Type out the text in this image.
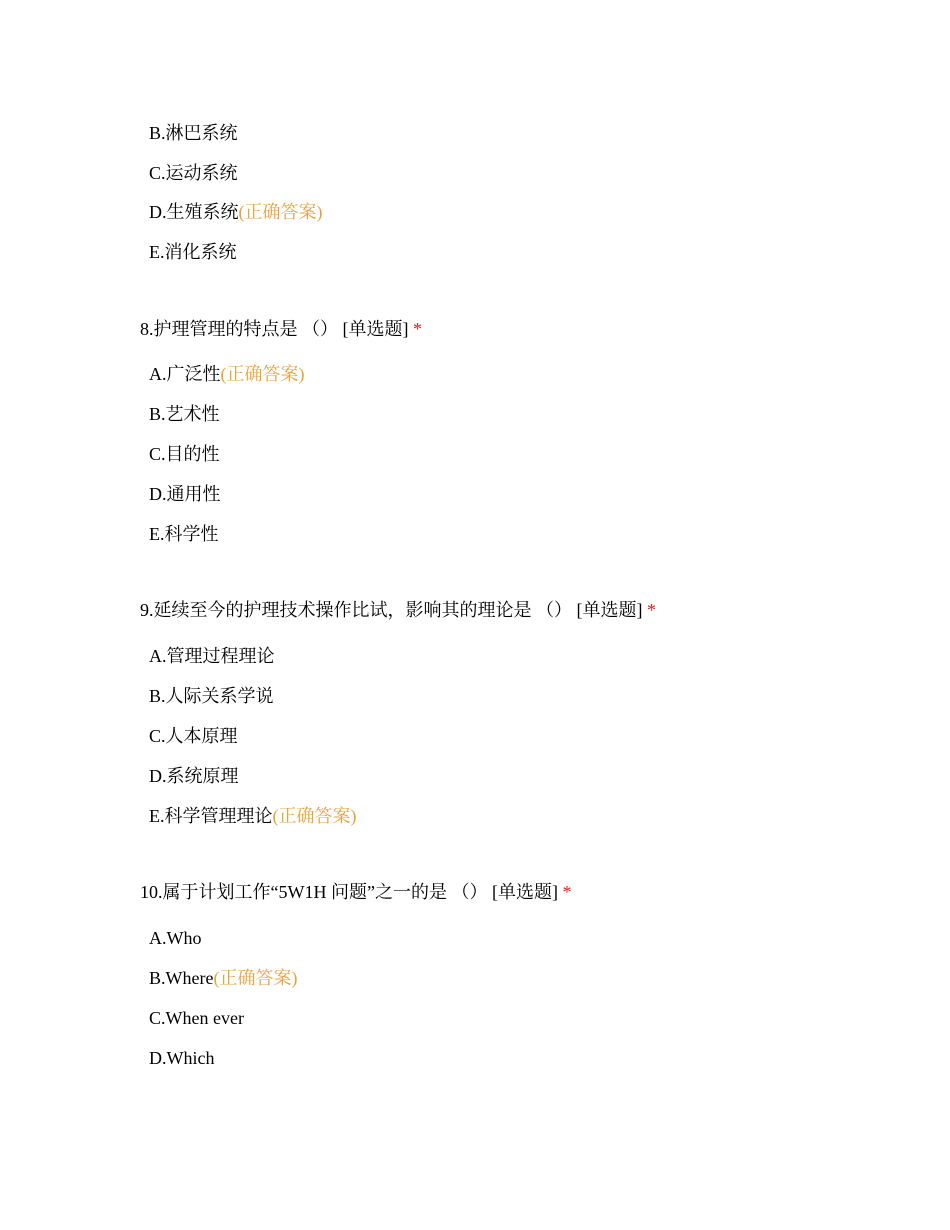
B.淋巴系统
C.运动系统
D.生殖系统(正确答案)
E.消化系统
8.护理管理的特点是 （） [单选题] *
A.广泛性(正确答案)
B.艺术性
C.目的性
D.通用性
E.科学性
9.延续至今的护理技术操作比试，影响其的理论是 （） [单选题] *
A.管理过程理论
B.人际关系学说
C.人本原理
D.系统原理
E.科学管理理论(正确答案)
10.属于计划工作“5W1H 问题”之一的是 （） [单选题] *
A.Who
B.Where(正确答案)
C.When ever
D.Which
